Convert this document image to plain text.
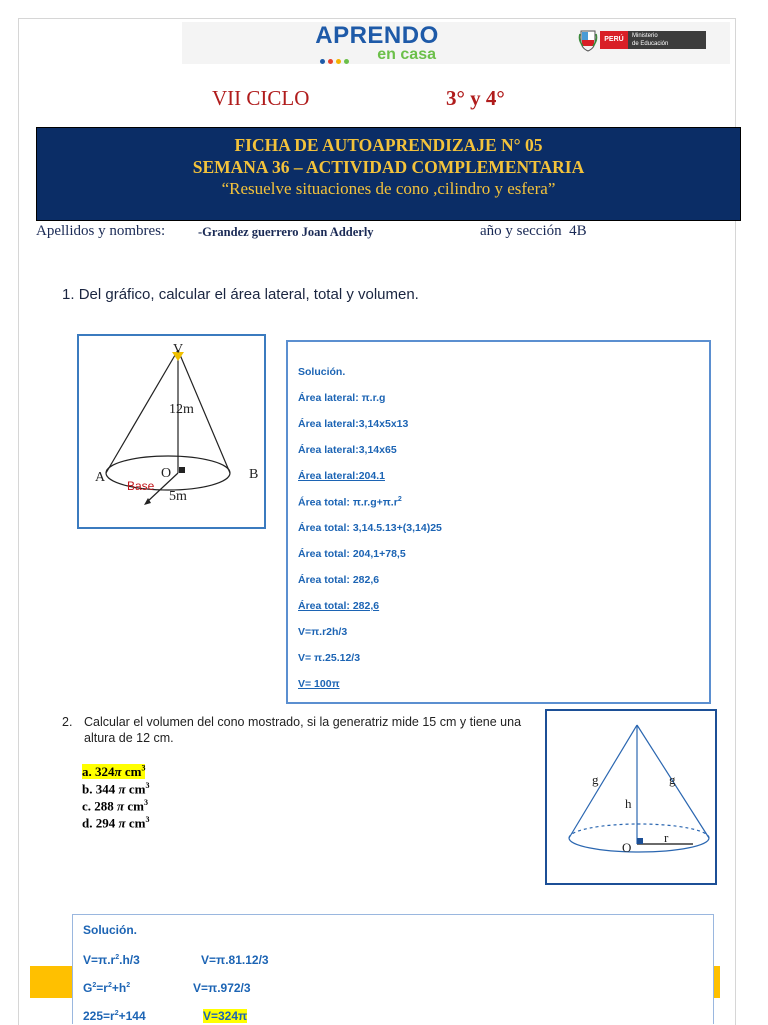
APRENDO
en casa
PERÚ	Ministerio
de Educación
VII CICLO	3° y 4°
FICHA DE AUTOAPRENDIZAJE N° 05
SEMANA 36 – ACTIVIDAD COMPLEMENTARIA
“Resuelve situaciones de cono ,cilindro y esfera”
Apellidos y nombres:	-Grandez guerrero Joan Adderly	año y sección 4B
1. Del gráfico, calcular el área lateral, total y volumen.
V
12m
A	B
O
Base
5m
Solución.
Área lateral: π.r.g
Área lateral:3,14x5x13
Área lateral:3,14x65
Área lateral:204.1
Área total: $\pi.r.g+\pi.r^2$
Área total: 3,14.5.13+(3,14)25
Área total: 204,1+78,5
Área total: 282,6
Área total: 282,6
V=π.r2h/3
V= π.25.12/3
V= 100π
2. Calcular el volumen del cono mostrado, si la generatriz mide 15 cm y tiene una altura de 12 cm.
a. 324π $cm^3$
b. 344 π $cm^3$
c. 288 π $cm^3$
d. 294 π $cm^3$
g	g
h
O
r
Solución.
$V=\pi.r^2.h/3$	V=π.81.12/3
$G^2=r^2+h^2$	V=π.972/3
$225=r^2+144$	V=324π
